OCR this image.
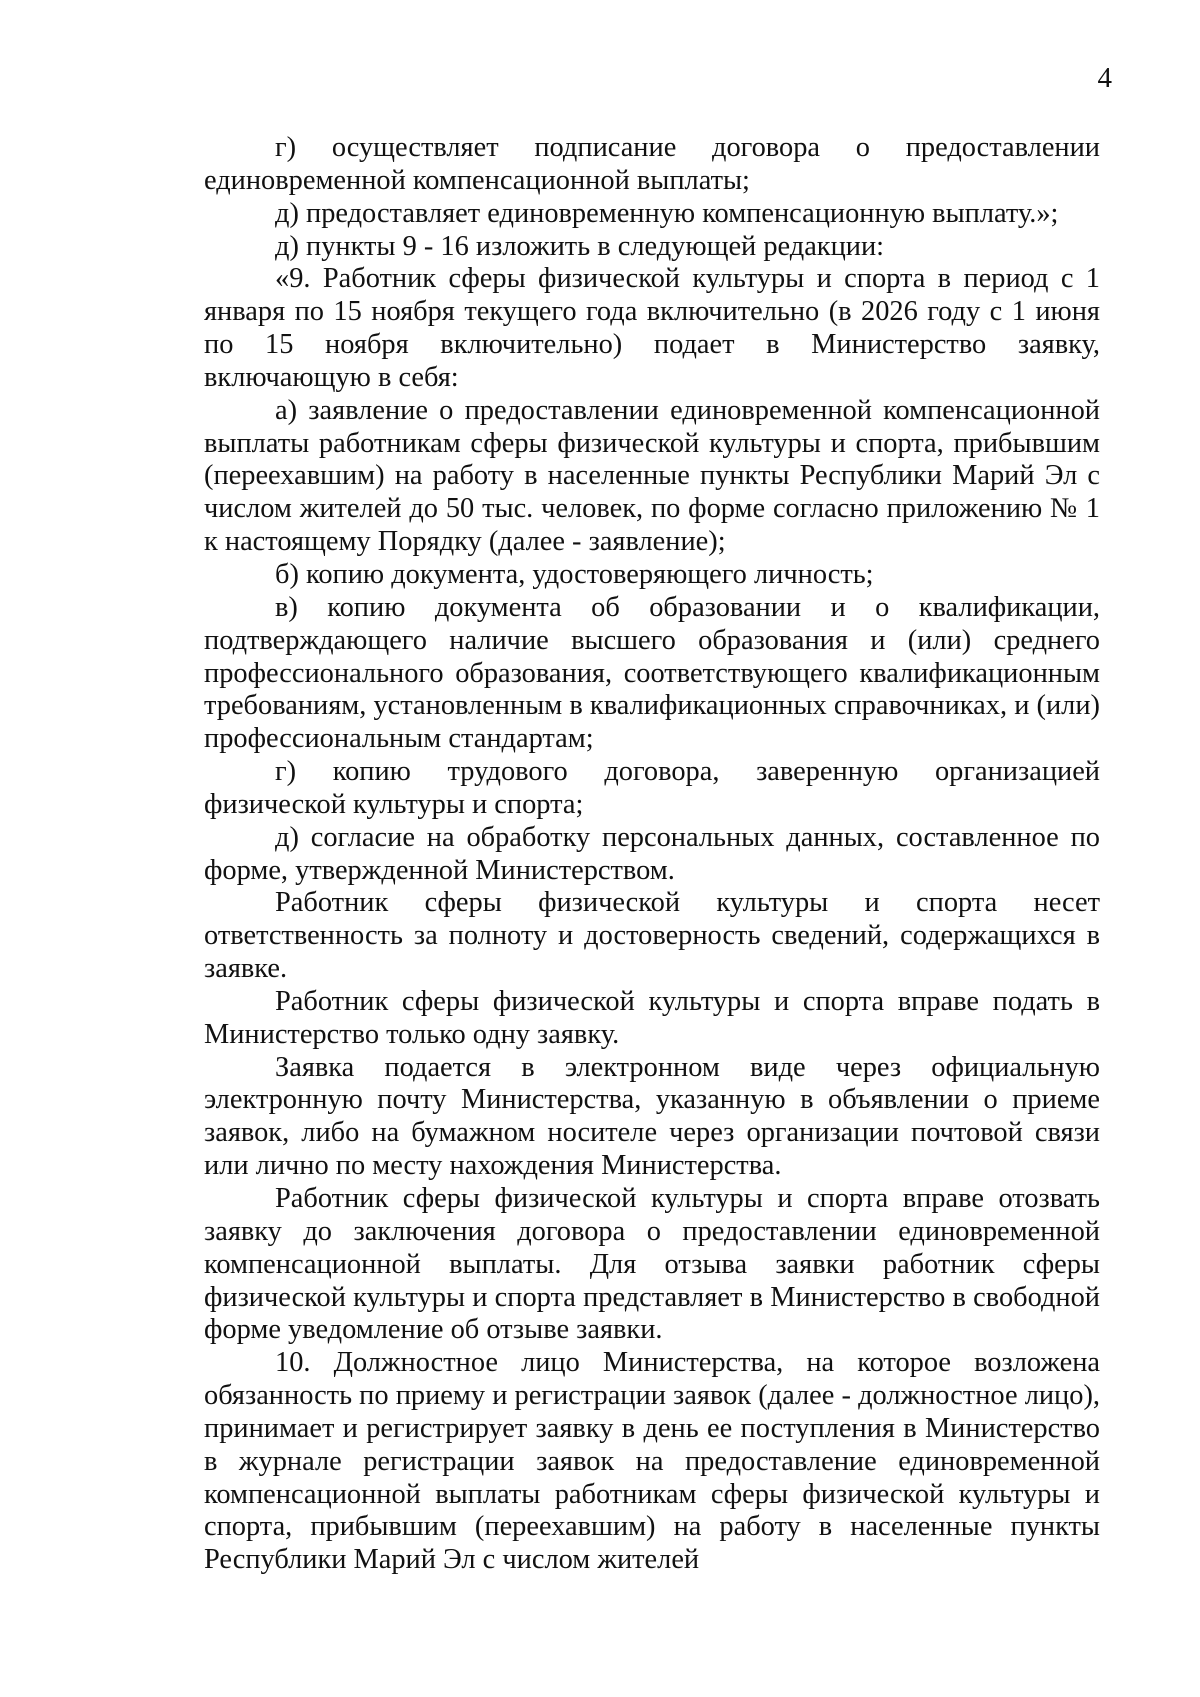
4

г) осуществляет подписание договора о предоставлении единовременной компенсационной выплаты;

д) предоставляет единовременную компенсационную выплату.»;

д) пункты 9 - 16 изложить в следующей редакции:

«9. Работник сферы физической культуры и спорта в период с 1 января по 15 ноября текущего года включительно (в 2026 году с 1 июня по 15 ноября включительно) подает в Министерство заявку, включающую в себя:

а) заявление о предоставлении единовременной компенсационной выплаты работникам сферы физической культуры и спорта, прибывшим (переехавшим) на работу в населенные пункты Республики Марий Эл с числом жителей до 50 тыс. человек, по форме согласно приложению № 1 к настоящему Порядку (далее - заявление);

б) копию документа, удостоверяющего личность;

в) копию документа об образовании и о квалификации, подтверждающего наличие высшего образования и (или) среднего профессионального образования, соответствующего квалификационным требованиям, установленным в квалификационных справочниках, и (или) профессиональным стандартам;

г) копию трудового договора, заверенную организацией физической культуры и спорта;

д) согласие на обработку персональных данных, составленное по форме, утвержденной Министерством.

Работник сферы физической культуры и спорта несет ответственность за полноту и достоверность сведений, содержащихся в заявке.

Работник сферы физической культуры и спорта вправе подать в Министерство только одну заявку.

Заявка подается в электронном виде через официальную электронную почту Министерства, указанную в объявлении о приеме заявок, либо на бумажном носителе через организации почтовой связи или лично по месту нахождения Министерства.

Работник сферы физической культуры и спорта вправе отозвать заявку до заключения договора о предоставлении единовременной компенсационной выплаты. Для отзыва заявки работник сферы физической культуры и спорта представляет в Министерство в свободной форме уведомление об отзыве заявки.

10. Должностное лицо Министерства, на которое возложена обязанность по приему и регистрации заявок (далее - должностное лицо), принимает и регистрирует заявку в день ее поступления в Министерство в журнале регистрации заявок на предоставление единовременной компенсационной выплаты работникам сферы физической культуры и спорта, прибывшим (переехавшим) на работу в населенные пункты Республики Марий Эл с числом жителей
